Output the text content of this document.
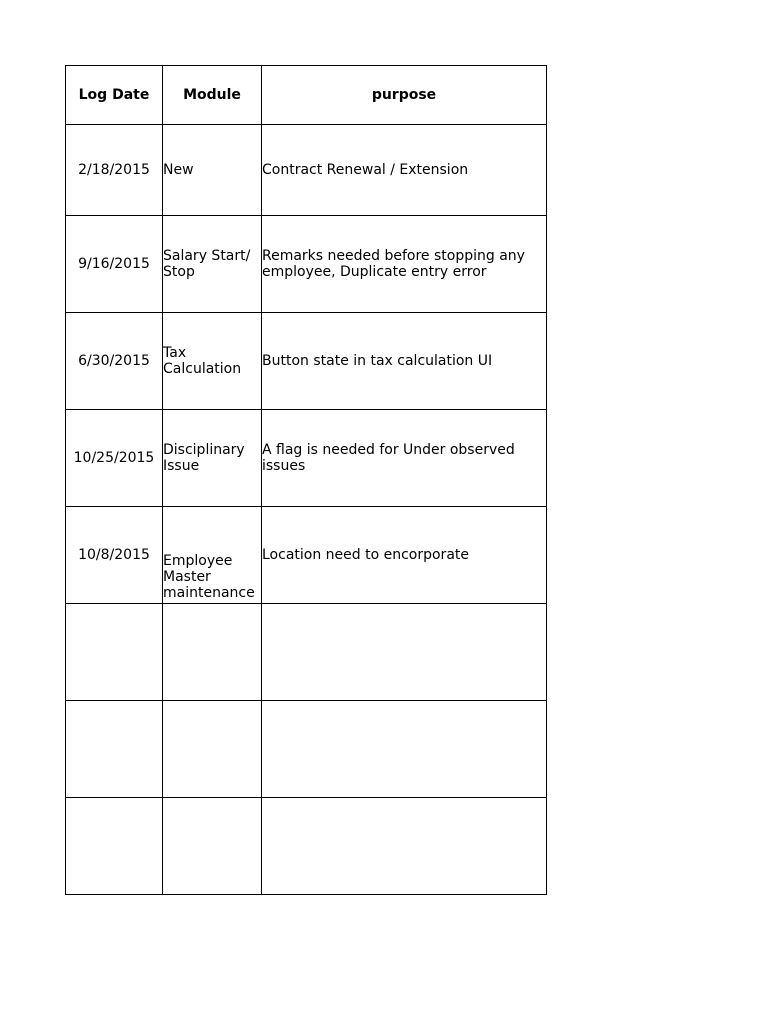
Log Date	Module	purpose
2/18/2015	New	Contract Renewal / Extension
9/16/2015	Salary Start/ Stop	Remarks needed before stopping any employee, Duplicate entry error
6/30/2015	Tax Calculation	Button state in tax calculation UI
10/25/2015	Disciplinary Issue	A flag is needed for Under observed issues
10/8/2015	Employee Master maintenance	Location need to encorporate
